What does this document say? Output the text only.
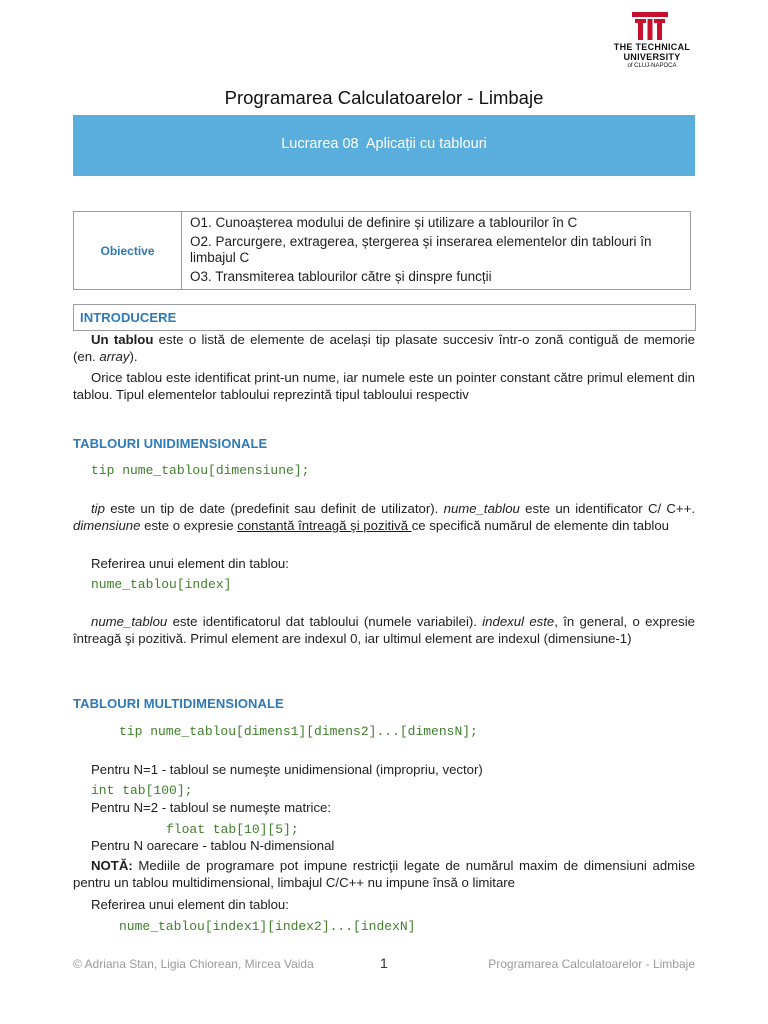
THE TECHNICAL
UNIVERSITY
of CLUJ-NAPOCA
Programarea Calculatoarelor - Limbaje
Lucrarea 08 Aplicații cu tablouri
Obiective

O1. Cunoașterea modului de definire și utilizare a tablourilor în C
O2. Parcurgere, extragerea, ștergerea și inserarea elementelor din tablouri în limbajul C
O3. Transmiterea tablourilor către și dinspre funcții
INTRODUCERE
Un tablou este o listă de elemente de același tip plasate succesiv într-o zonă contiguă de memorie (en. array).
Orice tablou este identificat print-un nume, iar numele este un pointer constant către primul element din tablou. Tipul elementelor tabloului reprezintă tipul tabloului respectiv
TABLOURI UNIDIMENSIONALE
tip nume_tablou[dimensiune];
tip este un tip de date (predefinit sau definit de utilizator). nume_tablou este un identificator C/ C++. dimensiune este o expresie constantă întreagă şi pozitivă ce specifică numărul de elemente din tablou
Referirea unui element din tablou:
nume_tablou[index]
nume_tablou este identificatorul dat tabloului (numele variabilei). indexul este, în general, o expresie întreagă şi pozitivă. Primul element are indexul 0, iar ultimul element are indexul (dimensiune-1)
TABLOURI MULTIDIMENSIONALE
tip nume_tablou[dimens1][dimens2]...[dimensN];
Pentru N=1 - tabloul se numeşte unidimensional (impropriu, vector)
int tab[100];
Pentru N=2 - tabloul se numeşte matrice:
float tab[10][5];
Pentru N oarecare - tablou N-dimensional
NOTĂ: Mediile de programare pot impune restricţii legate de numărul maxim de dimensiuni admise pentru un tablou multidimensional, limbajul C/C++ nu impune însă o limitare
Referirea unui element din tablou:
nume_tablou[index1][index2]...[indexN]
© Adriana Stan, Ligia Chiorean, Mircea Vaida	1	Programarea Calculatoarelor - Limbaje
